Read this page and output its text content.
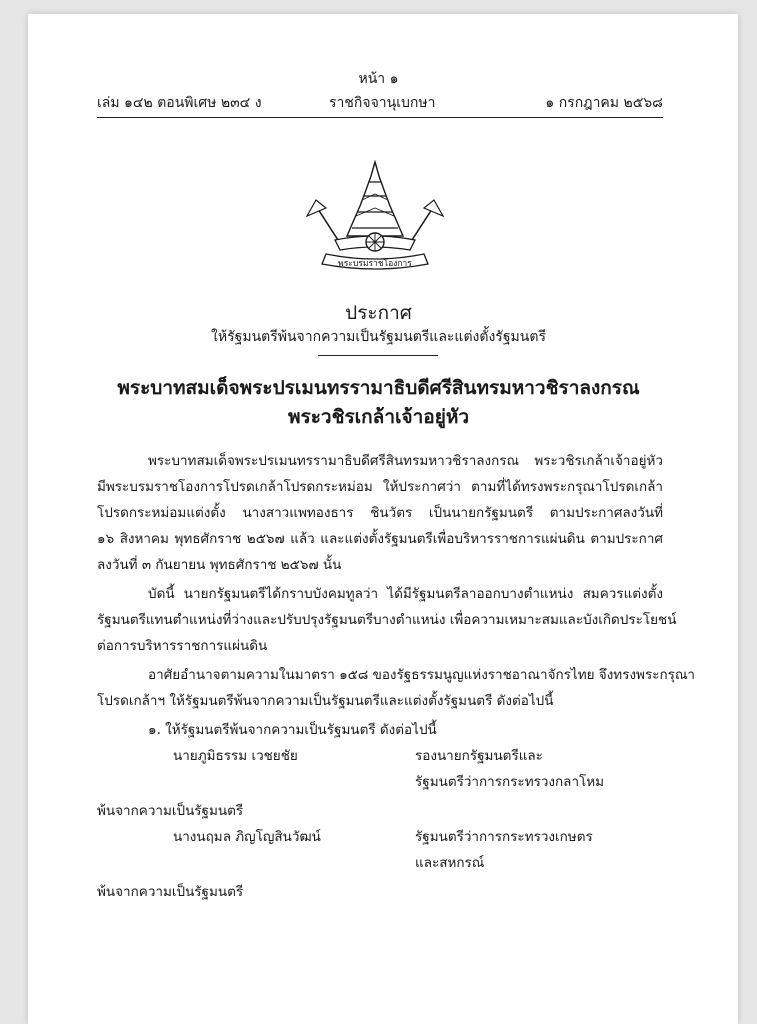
หน้า ๑
เล่ม ๑๔๒ ตอนพิเศษ ๒๓๔ ง	ราชกิจจานุเบกษา	๑ กรกฎาคม ๒๕๖๘
พระบรมราชโองการ
ประกาศ
ให้รัฐมนตรีพ้นจากความเป็นรัฐมนตรีและแต่งตั้งรัฐมนตรี
พระบาทสมเด็จพระปรเมนทรรามาธิบดีศรีสินทรมหาวชิราลงกรณ
พระวชิรเกล้าเจ้าอยู่หัว
พระบาทสมเด็จพระปรเมนทรรามาธิบดีศรีสินทรมหาวชิราลงกรณ พระวชิรเกล้าเจ้าอยู่หัว
มีพระบรมราชโองการโปรดเกล้าโปรดกระหม่อม ให้ประกาศว่า ตามที่ได้ทรงพระกรุณาโปรดเกล้า
โปรดกระหม่อมแต่งตั้ง นางสาวแพทองธาร ชินวัตร เป็นนายกรัฐมนตรี ตามประกาศลงวันที่
๑๖ สิงหาคม พุทธศักราช ๒๕๖๗ แล้ว และแต่งตั้งรัฐมนตรีเพื่อบริหารราชการแผ่นดิน ตามประกาศ
ลงวันที่ ๓ กันยายน พุทธศักราช ๒๕๖๗ นั้น
บัดนี้ นายกรัฐมนตรีได้กราบบังคมทูลว่า ได้มีรัฐมนตรีลาออกบางตำแหน่ง สมควรแต่งตั้ง
รัฐมนตรีแทนตำแหน่งที่ว่างและปรับปรุงรัฐมนตรีบางตำแหน่ง เพื่อความเหมาะสมและบังเกิดประโยชน์
ต่อการบริหารราชการแผ่นดิน
อาศัยอำนาจตามความในมาตรา ๑๕๘ ของรัฐธรรมนูญแห่งราชอาณาจักรไทย จึงทรงพระกรุณา
โปรดเกล้าฯ ให้รัฐมนตรีพ้นจากความเป็นรัฐมนตรีและแต่งตั้งรัฐมนตรี ดังต่อไปนี้
๑. ให้รัฐมนตรีพ้นจากความเป็นรัฐมนตรี ดังต่อไปนี้
นายภูมิธรรม เวชยชัย	รองนายกรัฐมนตรีและ
รัฐมนตรีว่าการกระทรวงกลาโหม
พ้นจากความเป็นรัฐมนตรี
นางนฤมล ภิญโญสินวัฒน์	รัฐมนตรีว่าการกระทรวงเกษตร
และสหกรณ์
พ้นจากความเป็นรัฐมนตรี
